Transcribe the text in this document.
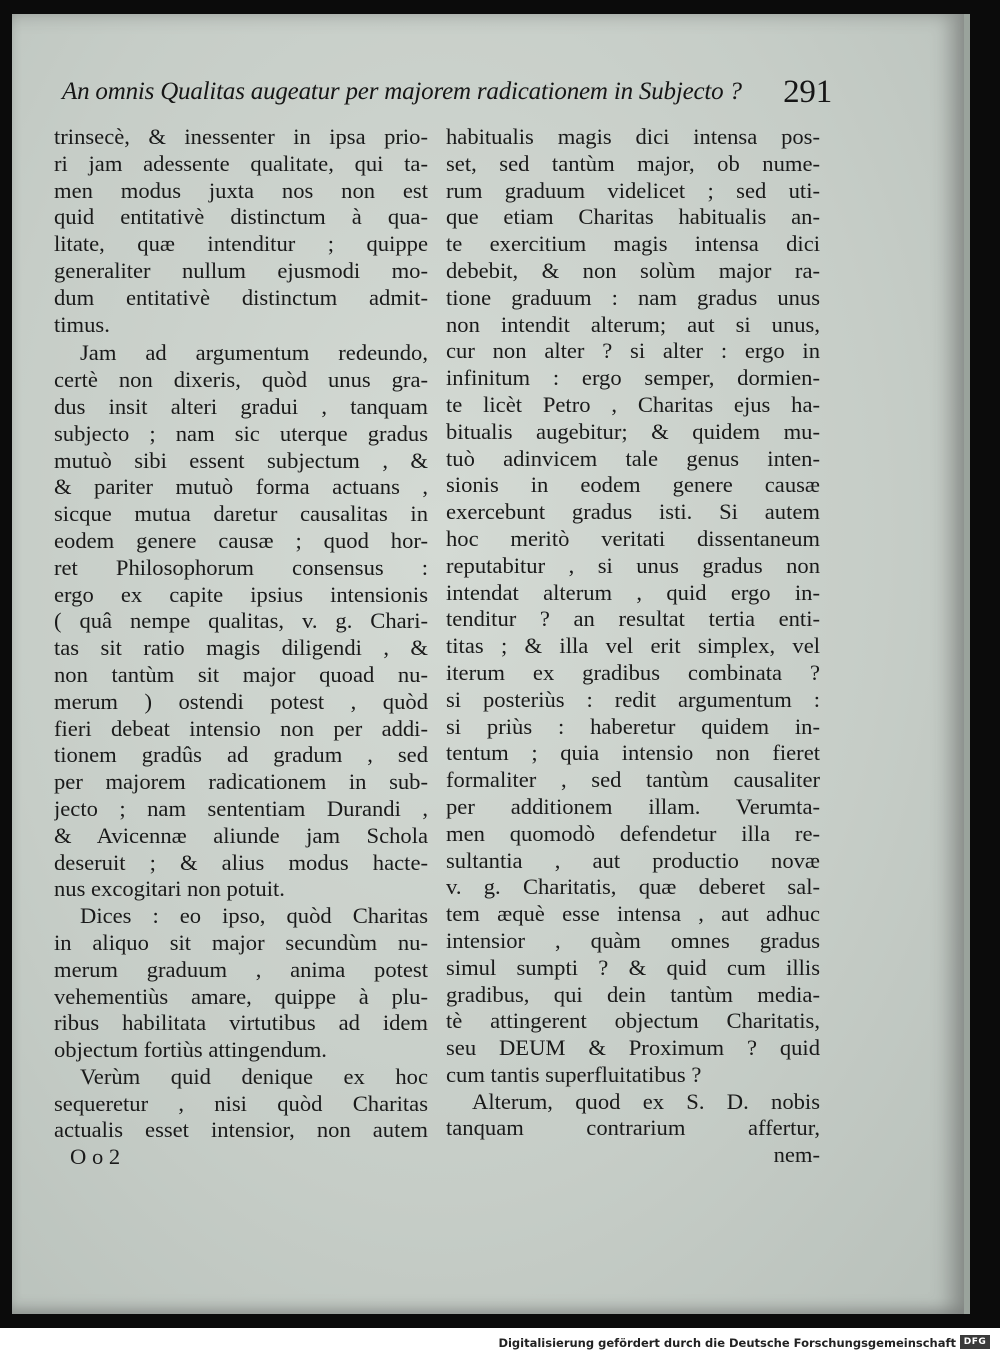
An omnis Qualitas augeatur per majorem radicationem in Subjecto ? 291

trinsecè, & inessenter in ipsa prio-
ri jam adessente qualitate, qui ta-
men modus juxta nos non est
quid entitativè distinctum à qua-
litate, quæ intenditur ; quippe
generaliter nullum ejusmodi mo-
dum entitativè distinctum admit-
timus.

Jam ad argumentum redeundo,
certè non dixeris, quòd unus gra-
dus insit alteri gradui , tanquam
subjecto ; nam sic uterque gradus
mutuò sibi essent subjectum , &
& pariter mutuò forma actuans ,
sicque mutua daretur causalitas in
eodem genere causæ ; quod hor-
ret Philosophorum consensus :
ergo ex capite ipsius intensionis
( quâ nempe qualitas, v. g. Chari-
tas sit ratio magis diligendi , &
non tantùm sit major quoad nu-
merum ) ostendi potest , quòd
fieri debeat intensio non per addi-
tionem gradûs ad gradum , sed
per majorem radicationem in sub-
jecto ; nam sententiam Durandi ,
& Avicennæ aliunde jam Schola
deseruit ; & alius modus hacte-
nus excogitari non potuit.

Dices : eo ipso, quòd Charitas
in aliquo sit major secundùm nu-
merum graduum , anima potest
vehementiùs amare, quippe à plu-
ribus habilitata virtutibus ad idem
objectum fortiùs attingendum.

Verùm quid denique ex hoc
sequeretur , nisi quòd Charitas
actualis esset intensior, non autem

O o 2

habitualis magis dici intensa pos-
set, sed tantùm major, ob nume-
rum graduum videlicet ; sed uti-
que etiam Charitas habitualis an-
te exercitium magis intensa dici
debebit, & non solùm major ra-
tione graduum : nam gradus unus
non intendit alterum; aut si unus,
cur non alter ? si alter : ergo in
infinitum : ergo semper, dormien-
te licèt Petro , Charitas ejus ha-
bitualis augebitur; & quidem mu-
tuò adinvicem tale genus inten-
sionis in eodem genere causæ
exercebunt gradus isti. Si autem
hoc meritò veritati dissentaneum
reputabitur , si unus gradus non
intendat alterum , quid ergo in-
tenditur ? an resultat tertia enti-
titas ; & illa vel erit simplex, vel
iterum ex gradibus combinata ?
si posteriùs : redit argumentum :
si priùs : haberetur quidem in-
tentum ; quia intensio non fieret
formaliter , sed tantùm causaliter
per additionem illam. Verumta-
men quomodò defendetur illa re-
sultantia , aut productio novæ
v. g. Charitatis, quæ deberet sal-
tem æquè esse intensa , aut adhuc
intensior , quàm omnes gradus
simul sumpti ? & quid cum illis
gradibus, qui dein tantùm media-
tè attingerent objectum Charitatis,
seu DEUM & Proximum ? quid
cum tantis superfluitatibus ?

Alterum, quod ex S. D. nobis
tanquam contrarium affertur,

nem-
Digitalisierung gefördert durch die Deutsche Forschungsgemeinschaft DFG
